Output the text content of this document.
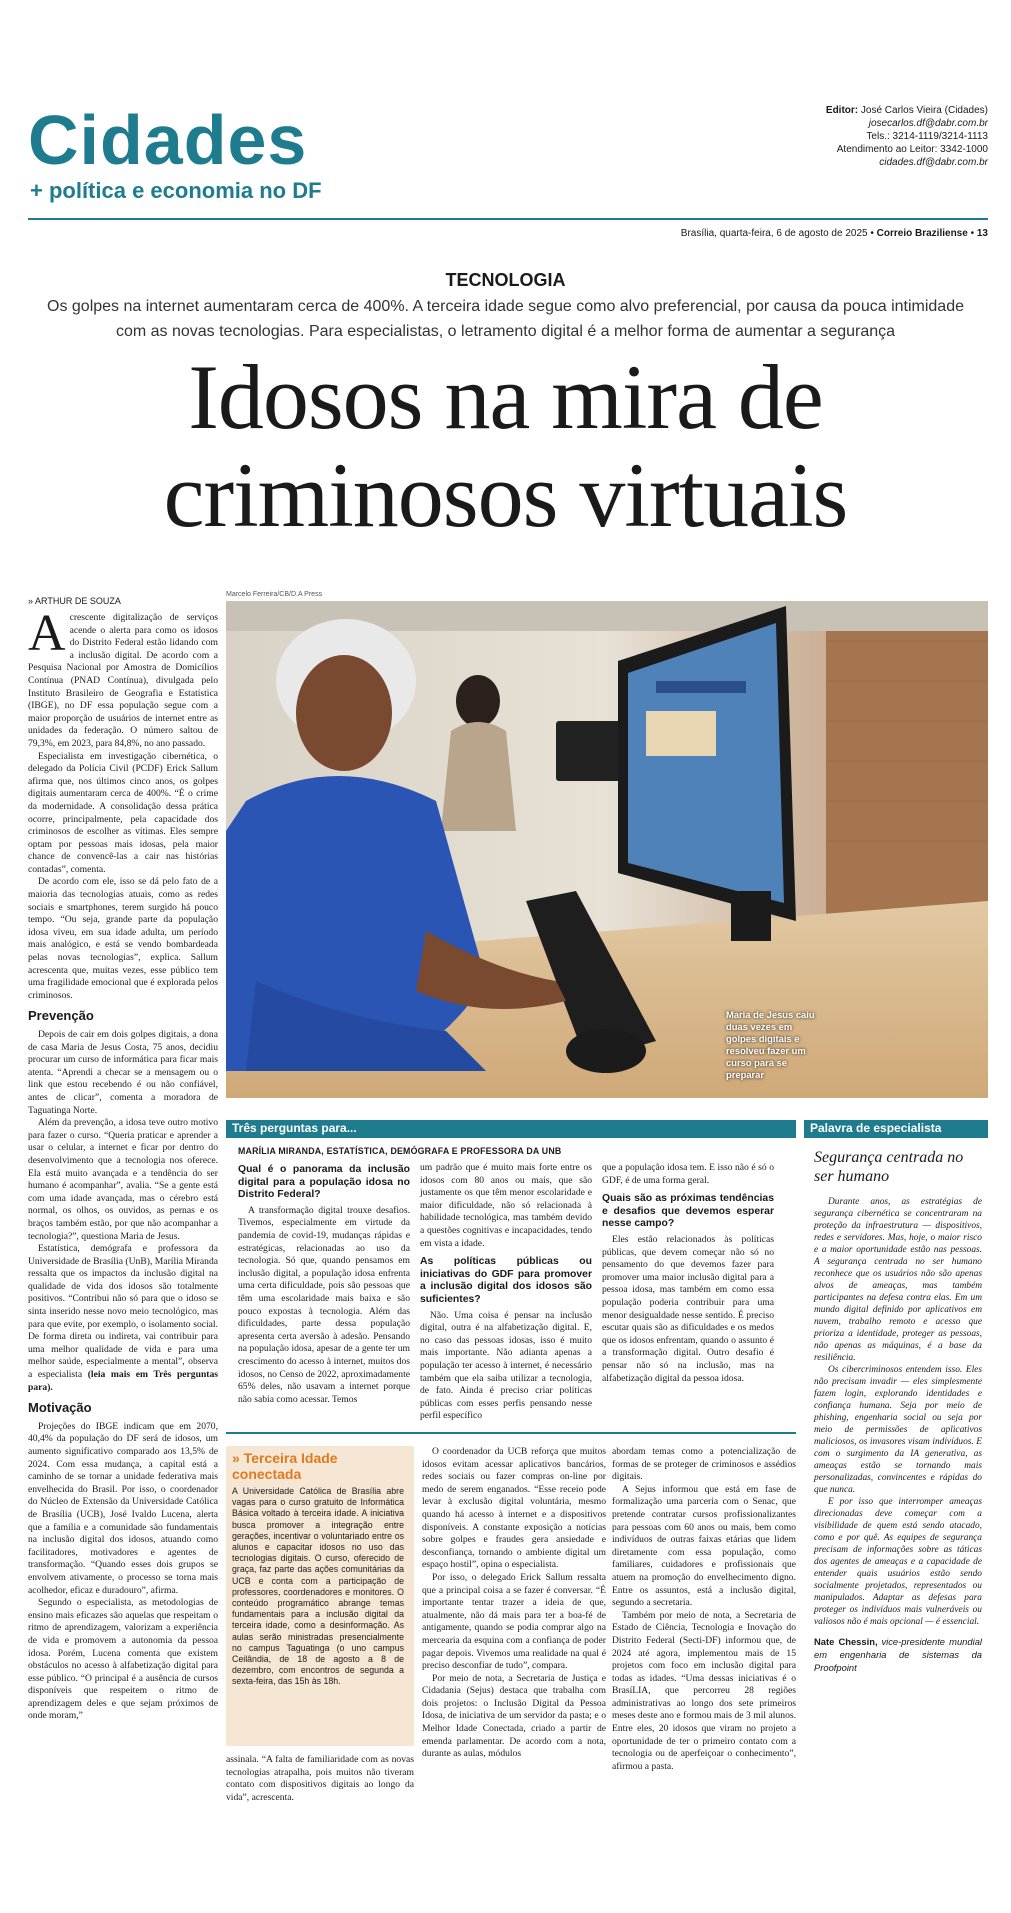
Cidades
+ política e economia no DF
Editor: José Carlos Vieira (Cidades)
josecarlos.df@dabr.com.br
Tels.: 3214-1119/3214-1113
Atendimento ao Leitor: 3342-1000
cidades.df@dabr.com.br
Brasília, quarta-feira, 6 de agosto de 2025 • Correio Braziliense • 13
TECNOLOGIA
Os golpes na internet aumentaram cerca de 400%. A terceira idade segue como alvo preferencial, por causa da pouca intimidade com as novas tecnologias. Para especialistas, o letramento digital é a melhor forma de aumentar a segurança
Idosos na mira de
criminosos virtuais
» ARTHUR DE SOUZA
Marcelo Ferreira/CB/D.A Press
Maria de Jesus caiu duas vezes em golpes digitais e resolveu fazer um curso para se preparar
A crescente digitalização de serviços acende o alerta para como os idosos do Distrito Federal estão lidando com a inclusão digital. De acordo com a Pesquisa Nacional por Amostra de Domicílios Contínua (PNAD Contínua), divulgada pelo Instituto Brasileiro de Geografia e Estatística (IBGE), no DF essa população segue com a maior proporção de usuários de internet entre as unidades da federação. O número saltou de 79,3%, em 2023, para 84,8%, no ano passado.

Especialista em investigação cibernética, o delegado da Polícia Civil (PCDF) Erick Sallum afirma que, nos últimos cinco anos, os golpes digitais aumentaram cerca de 400%. “É o crime da modernidade. A consolidação dessa prática ocorre, principalmente, pela capacidade dos criminosos de escolher as vítimas. Eles sempre optam por pessoas mais idosas, pela maior chance de convencê-las a cair nas histórias contadas”, comenta.

De acordo com ele, isso se dá pelo fato de a maioria das tecnologias atuais, como as redes sociais e smartphones, terem surgido há pouco tempo. “Ou seja, grande parte da população idosa viveu, em sua idade adulta, um período mais analógico, e está se vendo bombardeada pelas novas tecnologias”, explica. Sallum acrescenta que, muitas vezes, esse público tem uma fragilidade emocional que é explorada pelos criminosos.

Prevenção

Depois de cair em dois golpes digitais, a dona de casa Maria de Jesus Costa, 75 anos, decidiu procurar um curso de informática para ficar mais atenta. “Aprendi a checar se a mensagem ou o link que estou recebendo é ou não confiável, antes de clicar”, comenta a moradora de Taguatinga Norte.

Além da prevenção, a idosa teve outro motivo para fazer o curso. “Queria praticar e aprender a usar o celular, a internet e ficar por dentro do desenvolvimento que a tecnologia nos oferece. Ela está muito avançada e a tendência do ser humano é acompanhar”, avalia. “Se a gente está com uma idade avançada, mas o cérebro está normal, os olhos, os ouvidos, as pernas e os braços também estão, por que não acompanhar a tecnologia?”, questiona Maria de Jesus.

Estatística, demógrafa e professora da Universidade de Brasília (UnB), Marília Miranda ressalta que os impactos da inclusão digital na qualidade de vida dos idosos são totalmente positivos. “Contribui não só para que o idoso se sinta inserido nesse novo meio tecnológico, mas para que evite, por exemplo, o isolamento social. De forma direta ou indireta, vai contribuir para uma melhor qualidade de vida e para uma melhor saúde, especialmente a mental”, observa a especialista (leia mais em Três perguntas para).

Motivação

Projeções do IBGE indicam que em 2070, 40,4% da população do DF será de idosos, um aumento significativo comparado aos 13,5% de 2024. Com essa mudança, a capital está a caminho de se tornar a unidade federativa mais envelhecida do Brasil. Por isso, o coordenador do Núcleo de Extensão da Universidade Católica de Brasília (UCB), José Ivaldo Lucena, alerta que a família e a comunidade são fundamentais na inclusão digital dos idosos, atuando como facilitadores, motivadores e agentes de transformação. “Quando esses dois grupos se envolvem ativamente, o processo se torna mais acolhedor, eficaz e duradouro”, afirma.

Segundo o especialista, as metodologias de ensino mais eficazes são aquelas que respeitam o ritmo de aprendizagem, valorizam a experiência de vida e promovem a autonomia da pessoa idosa. Porém, Lucena comenta que existem obstáculos no acesso à alfabetização digital para esse público. “O principal é a ausência de cursos disponíveis que respeitem o ritmo de aprendizagem deles e que sejam próximos de onde moram,”

Três perguntas para...
MARÍLIA MIRANDA, ESTATÍSTICA, DEMÓGRAFA E PROFESSORA DA UNB
Qual é o panorama da inclusão digital para a população idosa no Distrito Federal?
A transformação digital trouxe desafios. Tivemos, especialmente em virtude da pandemia de covid-19, mudanças rápidas e estratégicas, relacionadas ao uso da tecnologia. Só que, quando pensamos em inclusão digital, a população idosa enfrenta uma certa dificuldade, pois são pessoas que têm uma escolaridade mais baixa e são pouco expostas à tecnologia. Além das dificuldades, parte dessa população apresenta certa aversão à adesão. Pensando na população idosa, apesar de a gente ter um crescimento do acesso à internet, muitos dos idosos, no Censo de 2022, aproximadamente 65% deles, não usavam a internet porque não sabia como acessar. Temos
um padrão que é muito mais forte entre os idosos com 80 anos ou mais, que são justamente os que têm menor escolaridade e maior dificuldade, não só relacionada à habilidade tecnológica, mas também devido a questões cognitivas e incapacidades, tendo em vista a idade.
As políticas públicas ou iniciativas do GDF para promover a inclusão digital dos idosos são suficientes?
Não. Uma coisa é pensar na inclusão digital, outra é na alfabetização digital. E, no caso das pessoas idosas, isso é muito mais importante. Não adianta apenas a população ter acesso à internet, é necessário também que ela saiba utilizar a tecnologia, de fato. Ainda é preciso criar políticas públicas com esses perfis pensando nesse perfil específico
que a população idosa tem. E isso não é só o GDF, é de uma forma geral.
Quais são as próximas tendências e desafios que devemos esperar nesse campo?
Eles estão relacionados às políticas públicas, que devem começar não só no pensamento do que devemos fazer para promover uma maior inclusão digital para a pessoa idosa, mas também em como essa população poderia contribuir para uma menor desigualdade nesse sentido. É preciso escutar quais são as dificuldades e os medos que os idosos enfrentam, quando o assunto é a transformação digital. Outro desafio é pensar não só na inclusão, mas na alfabetização digital da pessoa idosa.
» Terceira Idade conectada
A Universidade Católica de Brasília abre vagas para o curso gratuito de Informática Básica voltado à terceira idade. A iniciativa busca promover a integração entre gerações, incentivar o voluntariado entre os alunos e capacitar idosos no uso das tecnologias digitais. O curso, oferecido de graça, faz parte das ações comunitárias da UCB e conta com a participação de professores, coordenadores e monitores. O conteúdo programático abrange temas fundamentais para a inclusão digital da terceira idade, como a desinformação. As aulas serão ministradas presencialmente no campus Taguatinga (o uno campus Ceilândia, de 18 de agosto a 8 de dezembro, com encontros de segunda a sexta-feira, das 15h às 18h.
assinala. “A falta de familiaridade com as novas tecnologias atrapalha, pois muitos não tiveram contato com dispositivos digitais ao longo da vida”, acrescenta.

O coordenador da UCB reforça que muitos idosos evitam acessar aplicativos bancários, redes sociais ou fazer compras on-line por medo de serem enganados. “Esse receio pode levar à exclusão digital voluntária, mesmo quando há acesso à internet e a dispositivos disponíveis. A constante exposição a notícias sobre golpes e fraudes gera ansiedade e desconfiança, tornando o ambiente digital um espaço hostil”, opina o especialista.

Por isso, o delegado Erick Sallum ressalta que a principal coisa a se fazer é conversar. “É importante tentar trazer a ideia de que, atualmente, não dá mais para ter a boa-fé de antigamente, quando se podia comprar algo na mercearia da esquina com a confiança de poder pagar depois. Vivemos uma realidade na qual é preciso desconfiar de tudo”, compara.

Por meio de nota, a Secretaria de Justiça e Cidadania (Sejus) destaca que trabalha com dois projetos: o Inclusão Digital da Pessoa Idosa, de iniciativa de um servidor da pasta; e o Melhor Idade Conectada, criado a partir de emenda parlamentar. De acordo com a nota, durante as aulas, módulos

abordam temas como a potencialização de formas de se proteger de criminosos e assédios digitais.

A Sejus informou que está em fase de formalização uma parceria com o Senac, que pretende contratar cursos profissionalizantes para pessoas com 60 anos ou mais, bem como indivíduos de outras faixas etárias que lidem diretamente com essa população, como familiares, cuidadores e profissionais que atuem na promoção do envelhecimento digno. Entre os assuntos, está a inclusão digital, segundo a secretaria.

Também por meio de nota, a Secretaria de Estado de Ciência, Tecnologia e Inovação do Distrito Federal (Secti-DF) informou que, de 2024 até agora, implementou mais de 15 projetos com foco em inclusão digital para todas as idades. “Uma dessas iniciativas é o BrasíLIA, que percorreu 28 regiões administrativas ao longo dos sete primeiros meses deste ano e formou mais de 3 mil alunos. Entre eles, 20 idosos que viram no projeto a oportunidade de ter o primeiro contato com a tecnologia ou de aperfeiçoar o conhecimento”, afirmou a pasta.

Palavra de especialista
Segurança centrada no ser humano

Durante anos, as estratégias de segurança cibernética se concentraram na proteção da infraestrutura — dispositivos, redes e servidores. Mas, hoje, o maior risco e a maior oportunidade estão nas pessoas. A segurança centrada no ser humano reconhece que os usuários não são apenas alvos de ameaças, mas também participantes na defesa contra elas. Em um mundo digital definido por aplicativos em nuvem, trabalho remoto e acesso que prioriza a identidade, proteger as pessoas, não apenas as máquinas, é a base da resiliência.

Os cibercriminosos entendem isso. Eles não precisam invadir — eles simplesmente fazem login, explorando identidades e confiança humana. Seja por meio de phishing, engenharia social ou seja por meio de permissões de aplicativos maliciosos, os invasores visam indivíduos. E com o surgimento da IA generativa, as ameaças estão se tornando mais personalizadas, convincentes e rápidas do que nunca.

E por isso que interromper ameaças direcionadas deve começar com a visibilidade de quem está sendo atacado, como e por quê. As equipes de segurança precisam de informações sobre as táticas dos agentes de ameaças e a capacidade de entender quais usuários estão sendo socialmente projetados, representados ou manipulados. Adaptar as defesas para proteger os indivíduos mais vulneráveis ou valiosos não é mais opcional — é essencial.

Nate Chessin, vice-presidente mundial em engenharia de sistemas da Proofpoint
